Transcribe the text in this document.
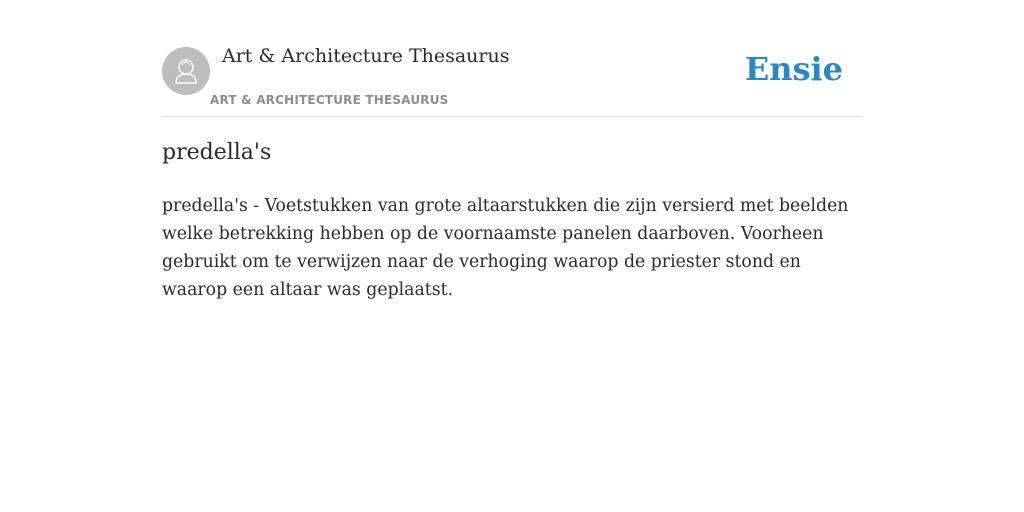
Art & Architecture Thesaurus
ART & ARCHITECTURE THESAURUS
Ensie
predella's

predella's - Voetstukken van grote altaarstukken die zijn versierd met beelden welke betrekking hebben op de voornaamste panelen daarboven. Voorheen gebruikt om te verwijzen naar de verhoging waarop de priester stond en waarop een altaar was geplaatst.
